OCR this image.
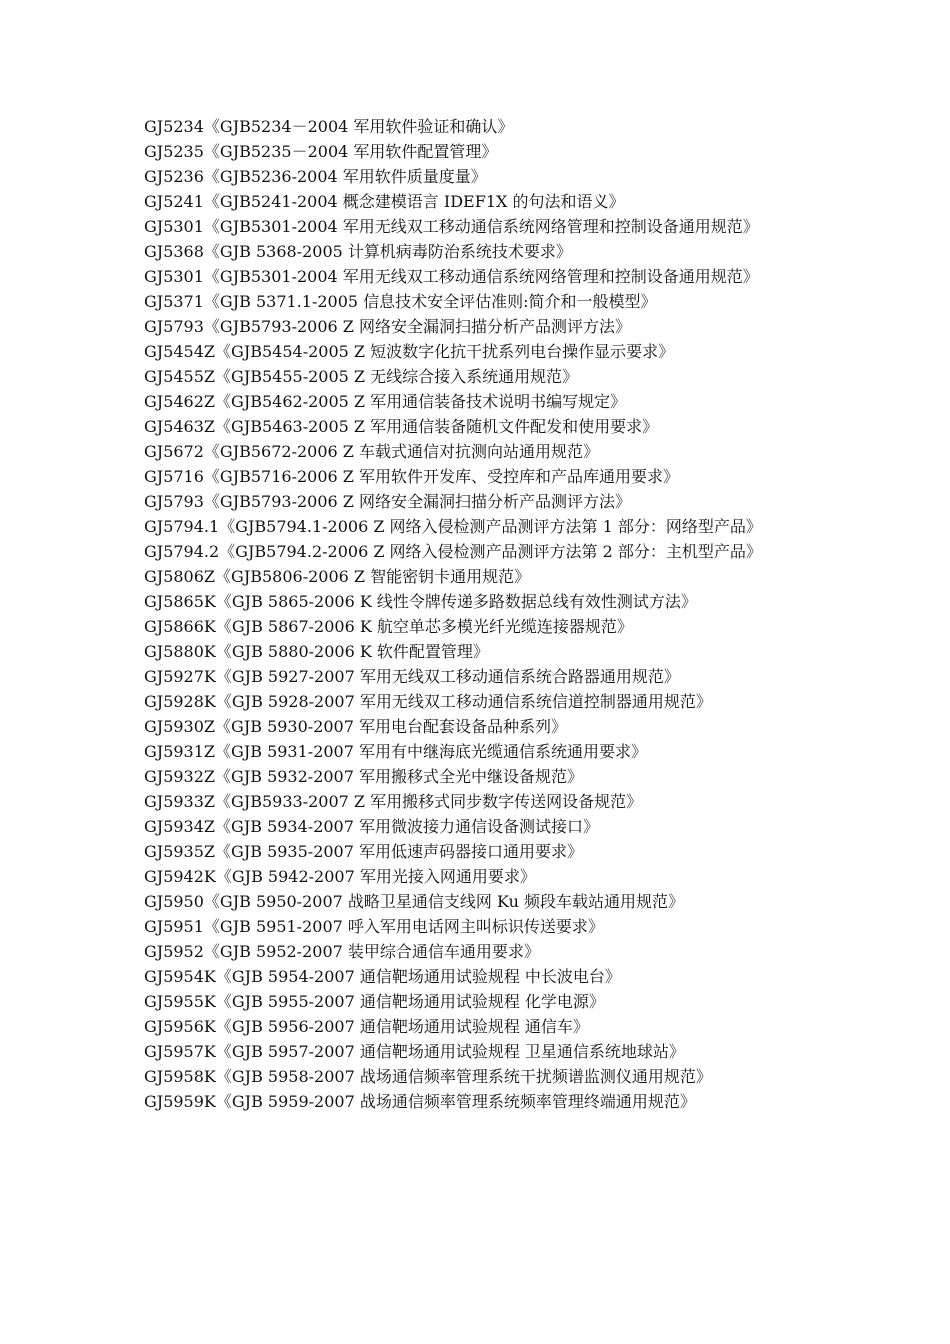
GJ5234《GJB5234－2004 军用软件验证和确认》

GJ5235《GJB5235－2004 军用软件配置管理》

GJ5236《GJB5236-2004 军用软件质量度量》

GJ5241《GJB5241-2004 概念建模语言 IDEF1X 的句法和语义》

GJ5301《GJB5301-2004 军用无线双工移动通信系统网络管理和控制设备通用规范》

GJ5368《GJB 5368-2005 计算机病毒防治系统技术要求》

GJ5301《GJB5301-2004 军用无线双工移动通信系统网络管理和控制设备通用规范》

GJ5371《GJB 5371.1-2005 信息技术安全评估准则:简介和一般模型》

GJ5793《GJB5793-2006 Z 网络安全漏洞扫描分析产品测评方法》

GJ5454Z《GJB5454-2005 Z 短波数字化抗干扰系列电台操作显示要求》

GJ5455Z《GJB5455-2005 Z 无线综合接入系统通用规范》

GJ5462Z《GJB5462-2005 Z 军用通信装备技术说明书编写规定》

GJ5463Z《GJB5463-2005 Z 军用通信装备随机文件配发和使用要求》

GJ5672《GJB5672-2006 Z 车载式通信对抗测向站通用规范》

GJ5716《GJB5716-2006 Z 军用软件开发库、受控库和产品库通用要求》

GJ5793《GJB5793-2006 Z 网络安全漏洞扫描分析产品测评方法》

GJ5794.1《GJB5794.1-2006 Z 网络入侵检测产品测评方法第 1 部分：网络型产品》

GJ5794.2《GJB5794.2-2006 Z 网络入侵检测产品测评方法第 2 部分：主机型产品》

GJ5806Z《GJB5806-2006 Z 智能密钥卡通用规范》

GJ5865K《GJB 5865-2006 K 线性令牌传递多路数据总线有效性测试方法》

GJ5866K《GJB 5867-2006 K 航空单芯多模光纤光缆连接器规范》

GJ5880K《GJB 5880-2006 K 软件配置管理》

GJ5927K《GJB 5927-2007 军用无线双工移动通信系统合路器通用规范》

GJ5928K《GJB 5928-2007 军用无线双工移动通信系统信道控制器通用规范》

GJ5930Z《GJB 5930-2007 军用电台配套设备品种系列》

GJ5931Z《GJB 5931-2007 军用有中继海底光缆通信系统通用要求》

GJ5932Z《GJB 5932-2007 军用搬移式全光中继设备规范》

GJ5933Z《GJB5933-2007 Z 军用搬移式同步数字传送网设备规范》

GJ5934Z《GJB 5934-2007 军用微波接力通信设备测试接口》

GJ5935Z《GJB 5935-2007 军用低速声码器接口通用要求》

GJ5942K《GJB 5942-2007 军用光接入网通用要求》

GJ5950《GJB 5950-2007 战略卫星通信支线网 Ku 频段车载站通用规范》

GJ5951《GJB 5951-2007 呼入军用电话网主叫标识传送要求》

GJ5952《GJB 5952-2007 装甲综合通信车通用要求》

GJ5954K《GJB 5954-2007 通信靶场通用试验规程 中长波电台》

GJ5955K《GJB 5955-2007 通信靶场通用试验规程 化学电源》

GJ5956K《GJB 5956-2007 通信靶场通用试验规程 通信车》

GJ5957K《GJB 5957-2007 通信靶场通用试验规程 卫星通信系统地球站》

GJ5958K《GJB 5958-2007 战场通信频率管理系统干扰频谱监测仪通用规范》

GJ5959K《GJB 5959-2007 战场通信频率管理系统频率管理终端通用规范》
